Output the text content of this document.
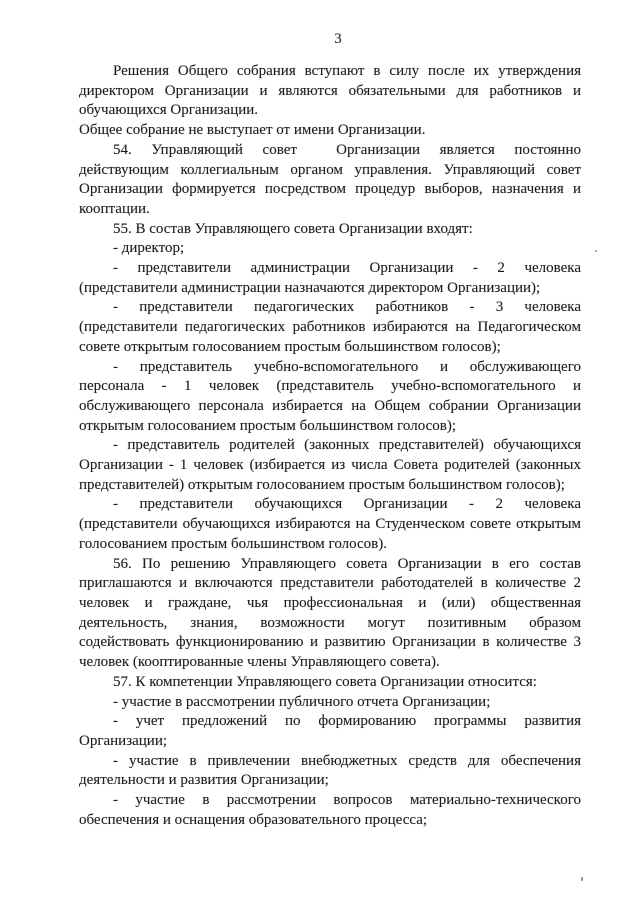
3
Решения Общего собрания вступают в силу после их утверждения
директором Организации и являются обязательными для работников и
обучающихся Организации.
Общее собрание не выступает от имени Организации.
54. Управляющий совет  Организации является постоянно
действующим коллегиальным органом управления. Управляющий совет
Организации формируется посредством процедур выборов, назначения и
кооптации.
55. В состав Управляющего совета Организации входят:
- директор;
- представители администрации Организации - 2 человека
(представители администрации назначаются директором Организации);
- представители педагогических работников - 3 человека
(представители педагогических работников избираются на Педагогическом
совете открытым голосованием простым большинством голосов);
- представитель учебно-вспомогательного и обслуживающего
персонала - 1 человек (представитель учебно-вспомогательного и
обслуживающего персонала избирается на Общем собрании Организации
открытым голосованием простым большинством голосов);
- представитель родителей (законных представителей) обучающихся
Организации - 1 человек (избирается из числа Совета родителей (законных
представителей) открытым голосованием простым большинством голосов);
- представители обучающихся Организации - 2 человека
(представители обучающихся избираются на Студенческом совете открытым
голосованием простым большинством голосов).
56. По решению Управляющего совета Организации в его состав
приглашаются и включаются представители работодателей в количестве 2
человек и граждане, чья профессиональная и (или) общественная
деятельность, знания, возможности могут позитивным образом
содействовать функционированию и развитию Организации в количестве 3
человек (кооптированные члены Управляющего совета).
57. К компетенции Управляющего совета Организации относится:
- участие в рассмотрении публичного отчета Организации;
- учет предложений по формированию программы развития
Организации;
- участие в привлечении внебюджетных средств для обеспечения
деятельности и развития Организации;
- участие в рассмотрении вопросов материально-технического
обеспечения и оснащения образовательного процесса;
